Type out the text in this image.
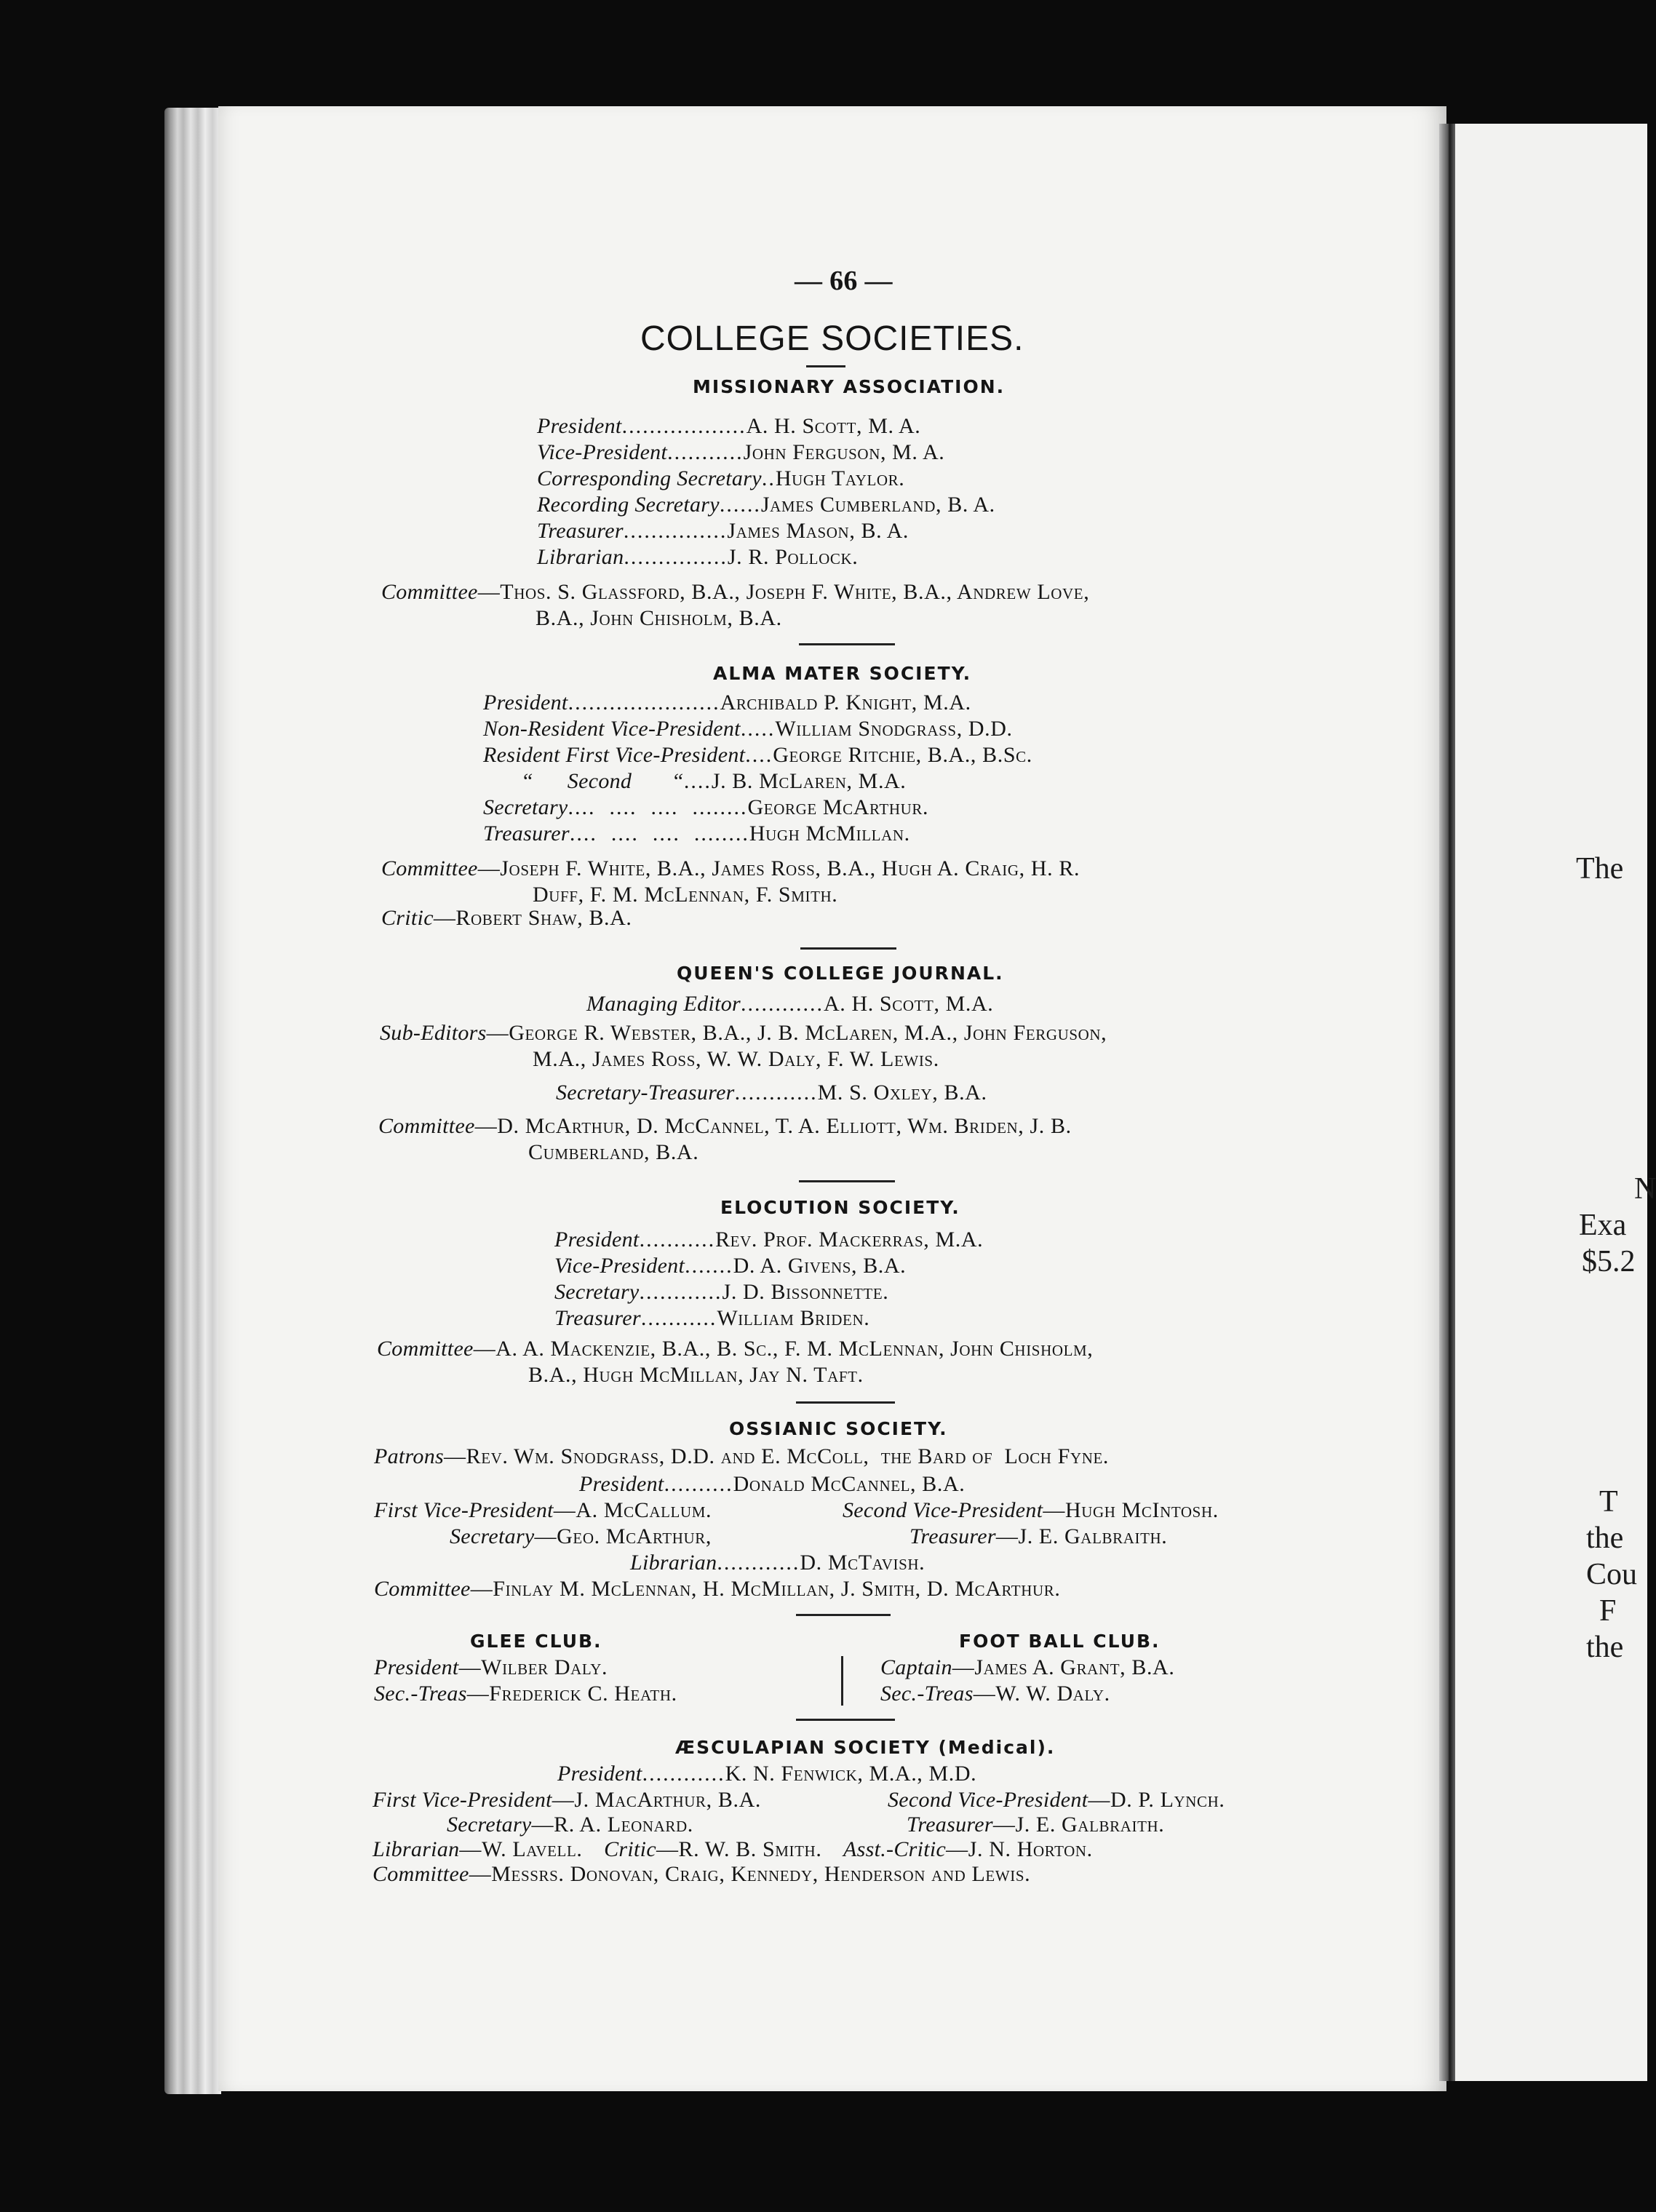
The
N
Exa
$5.2
T
the
Cou
F
the
— 66 —
COLLEGE SOCIETIES.
MISSIONARY ASSOCIATION.
President..................A. H. Scott, M. A.
Vice-President...........John Ferguson, M. A.
Corresponding Secretary..Hugh Taylor.
Recording Secretary......James Cumberland, B. A.
Treasurer...............James Mason, B. A.
Librarian...............J. R. Pollock.
Committee—Thos. S. Glassford, B.A., Joseph F. White, B.A., Andrew Love,
B.A., John Chisholm, B.A.
ALMA MATER SOCIETY.
President......................Archibald P. Knight, M.A.
Non-Resident Vice-President.....William Snodgrass, D.D.
Resident First Vice-President....George Ritchie, B.A., B.Sc.
“      Second       “....J. B. McLaren, M.A.
Secretary....  ....  ....  ........George McArthur.
Treasurer....  ....  ....  ........Hugh McMillan.
Committee—Joseph F. White, B.A., James Ross, B.A., Hugh A. Craig, H. R.
Duff, F. M. McLennan, F. Smith.
Critic—Robert Shaw, B.A.
QUEEN'S COLLEGE JOURNAL.
Managing Editor............A. H. Scott, M.A.
Sub-Editors—George R. Webster, B.A., J. B. McLaren, M.A., John Ferguson,
M.A., James Ross, W. W. Daly, F. W. Lewis.
Secretary-Treasurer............M. S. Oxley, B.A.
Committee—D. McArthur, D. McCannel, T. A. Elliott, Wm. Briden, J. B.
Cumberland, B.A.
ELOCUTION SOCIETY.
President...........Rev. Prof. Mackerras, M.A.
Vice-President.......D. A. Givens, B.A.
Secretary............J. D. Bissonnette.
Treasurer...........William Briden.
Committee—A. A. Mackenzie, B.A., B. Sc., F. M. McLennan, John Chisholm,
B.A., Hugh McMillan, Jay N. Taft.
OSSIANIC SOCIETY.
Patrons—Rev. Wm. Snodgrass, D.D. and E. McColl,  the Bard of  Loch Fyne.
President..........Donald McCannel, B.A.
First Vice-President—A. McCallum.	Second Vice-President—Hugh McIntosh.
Secretary—Geo. McArthur,	Treasurer—J. E. Galbraith.
Librarian............D. McTavish.
Committee—Finlay M. McLennan, H. McMillan, J. Smith, D. McArthur.
GLEE CLUB.
President—Wilber Daly.
Sec.-Treas—Frederick C. Heath.
FOOT BALL CLUB.
Captain—James A. Grant, B.A.
Sec.-Treas—W. W. Daly.
ÆSCULAPIAN SOCIETY (Medical).
President............K. N. Fenwick, M.A., M.D.
First Vice-President—J. MacArthur, B.A.	Second Vice-President—D. P. Lynch.
Secretary—R. A. Leonard.	Treasurer—J. E. Galbraith.
Librarian—W. Lavell. Critic—R. W. B. Smith. Asst.-Critic—J. N. Horton.
Committee—Messrs. Donovan, Craig, Kennedy, Henderson and Lewis.
